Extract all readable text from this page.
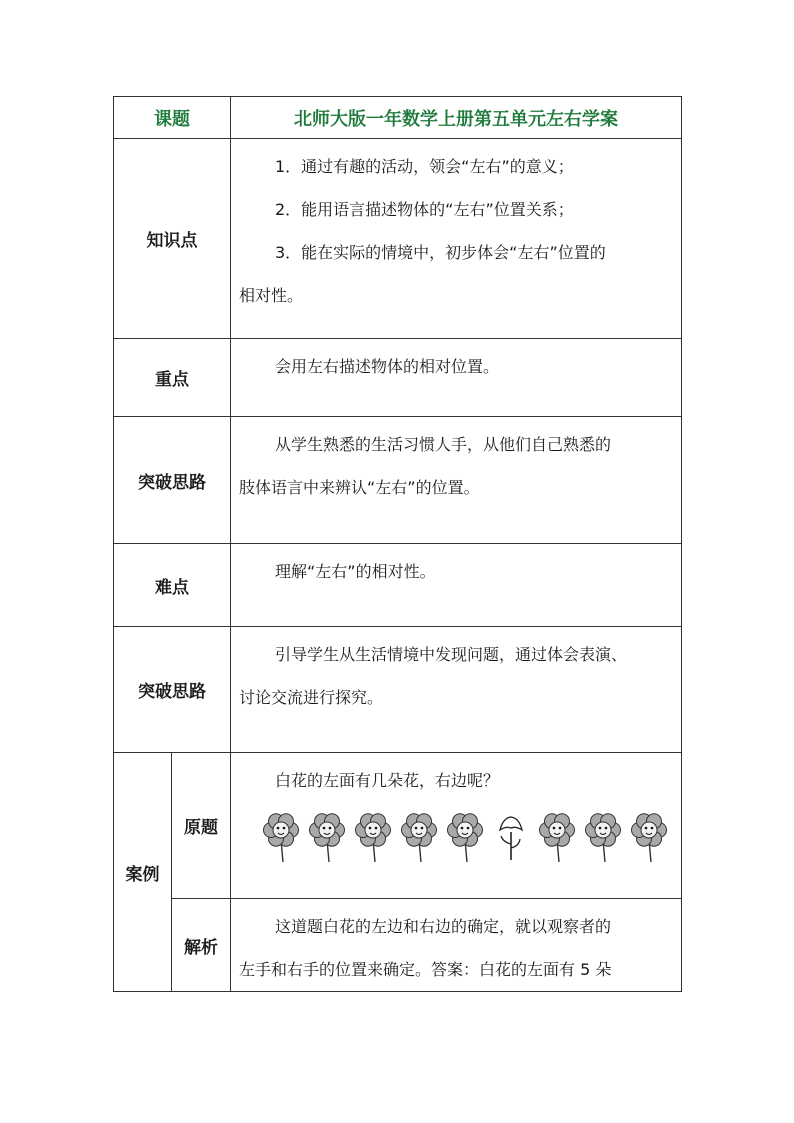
课题		北师大版一年数学上册第五单元左右学案
知识点		1．通过有趣的活动，领会“左右”的意义；

2．能用语言描述物体的“左右”位置关系；

3．能在实际的情境中，初步体会“左右”位置的

相对性。

重点		会用左右描述物体的相对位置。

突破思路		从学生熟悉的生活习惯人手，从他们自己熟悉的

肢体语言中来辨认“左右”的位置。

难点		理解“左右”的相对性。

突破思路		引导学生从生活情境中发现问题，通过体会表演、

讨论交流进行探究。

案例	原题	白花的左面有几朵花，右边呢？

	解析	这道题白花的左边和右边的确定，就以观察者的

左手和右手的位置来确定。答案：白花的左面有 5 朵
